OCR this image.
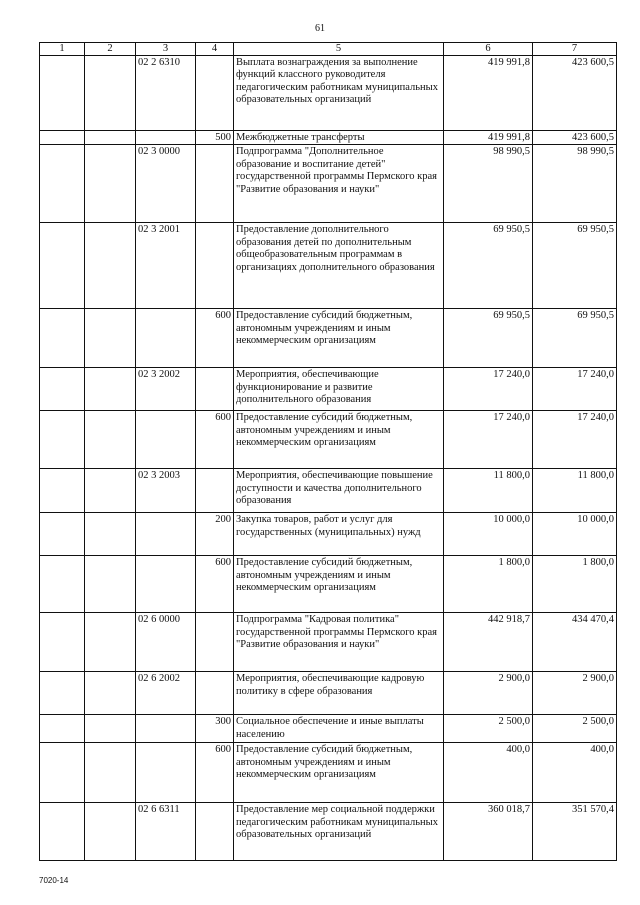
61
1	2	3	4	5	6	7
		02 2 6310		Выплата вознаграждения за выполнение функций классного руководителя педагогическим работникам муниципальных образовательных организаций	419 991,8	423 600,5
			500	Межбюджетные трансферты	419 991,8	423 600,5
		02 3 0000		Подпрограмма "Дополнительное образование и воспитание детей" государственной программы Пермского края "Развитие образования и науки"	98 990,5	98 990,5
		02 3 2001		Предоставление дополнительного образования детей по дополнительным общеобразовательным программам в организациях дополнительного образования	69 950,5	69 950,5
			600	Предоставление субсидий бюджетным, автономным учреждениям и иным некоммерческим организациям	69 950,5	69 950,5
		02 3 2002		Мероприятия, обеспечивающие функционирование и развитие дополнительного образования	17 240,0	17 240,0
			600	Предоставление субсидий бюджетным, автономным учреждениям и иным некоммерческим организациям	17 240,0	17 240,0
		02 3 2003		Мероприятия, обеспечивающие повышение доступности и качества дополнительного образования	11 800,0	11 800,0
			200	Закупка товаров, работ и услуг для государственных (муниципальных) нужд	10 000,0	10 000,0
			600	Предоставление субсидий бюджетным, автономным учреждениям и иным некоммерческим организациям	1 800,0	1 800,0
		02 6 0000		Подпрограмма "Кадровая политика" государственной программы Пермского края "Развитие образования и науки"	442 918,7	434 470,4
		02 6 2002		Мероприятия, обеспечивающие кадровую политику в сфере образования	2 900,0	2 900,0
			300	Социальное обеспечение и иные выплаты населению	2 500,0	2 500,0
			600	Предоставление субсидий бюджетным, автономным учреждениям и иным некоммерческим организациям	400,0	400,0
		02 6 6311		Предоставление мер социальной поддержки педагогическим работникам муниципальных образовательных организаций	360 018,7	351 570,4
7020-14
